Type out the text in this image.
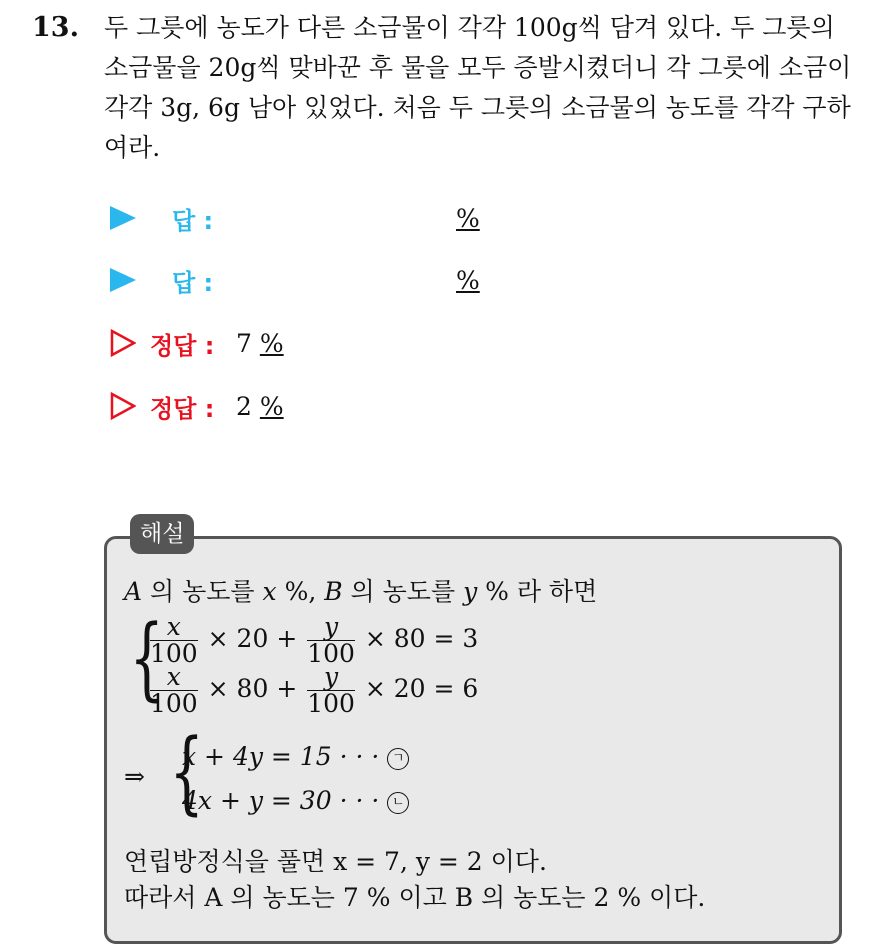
13. 두 그릇에 농도가 다른 소금물이 각각 100g씩 담겨 있다. 두 그릇의
소금물을 20g씩 맞바꾼 후 물을 모두 증발시켰더니 각 그릇에 소금이
각각 3g, 6g 남아 있었다. 처음 두 그릇의 소금물의 농도를 각각 구하
여라.
답 :	%
답 :	%
정답 : 7 %
정답 : 2 %
해설
A 의 농도를 x %, B 의 농도를 y % 라 하면
{
$\frac{x}{100} \times 20 + \frac{y}{100} \times 80 = 3$
$\frac{x}{100} \times 80 + \frac{y}{100} \times 20 = 6$
⇒ {
x + 4y = 15 · · · ㄱ
4x + y = 30 · · · ㄴ
연립방정식을 풀면 x = 7, y = 2 이다.
따라서 A 의 농도는 7 % 이고 B 의 농도는 2 % 이다.
